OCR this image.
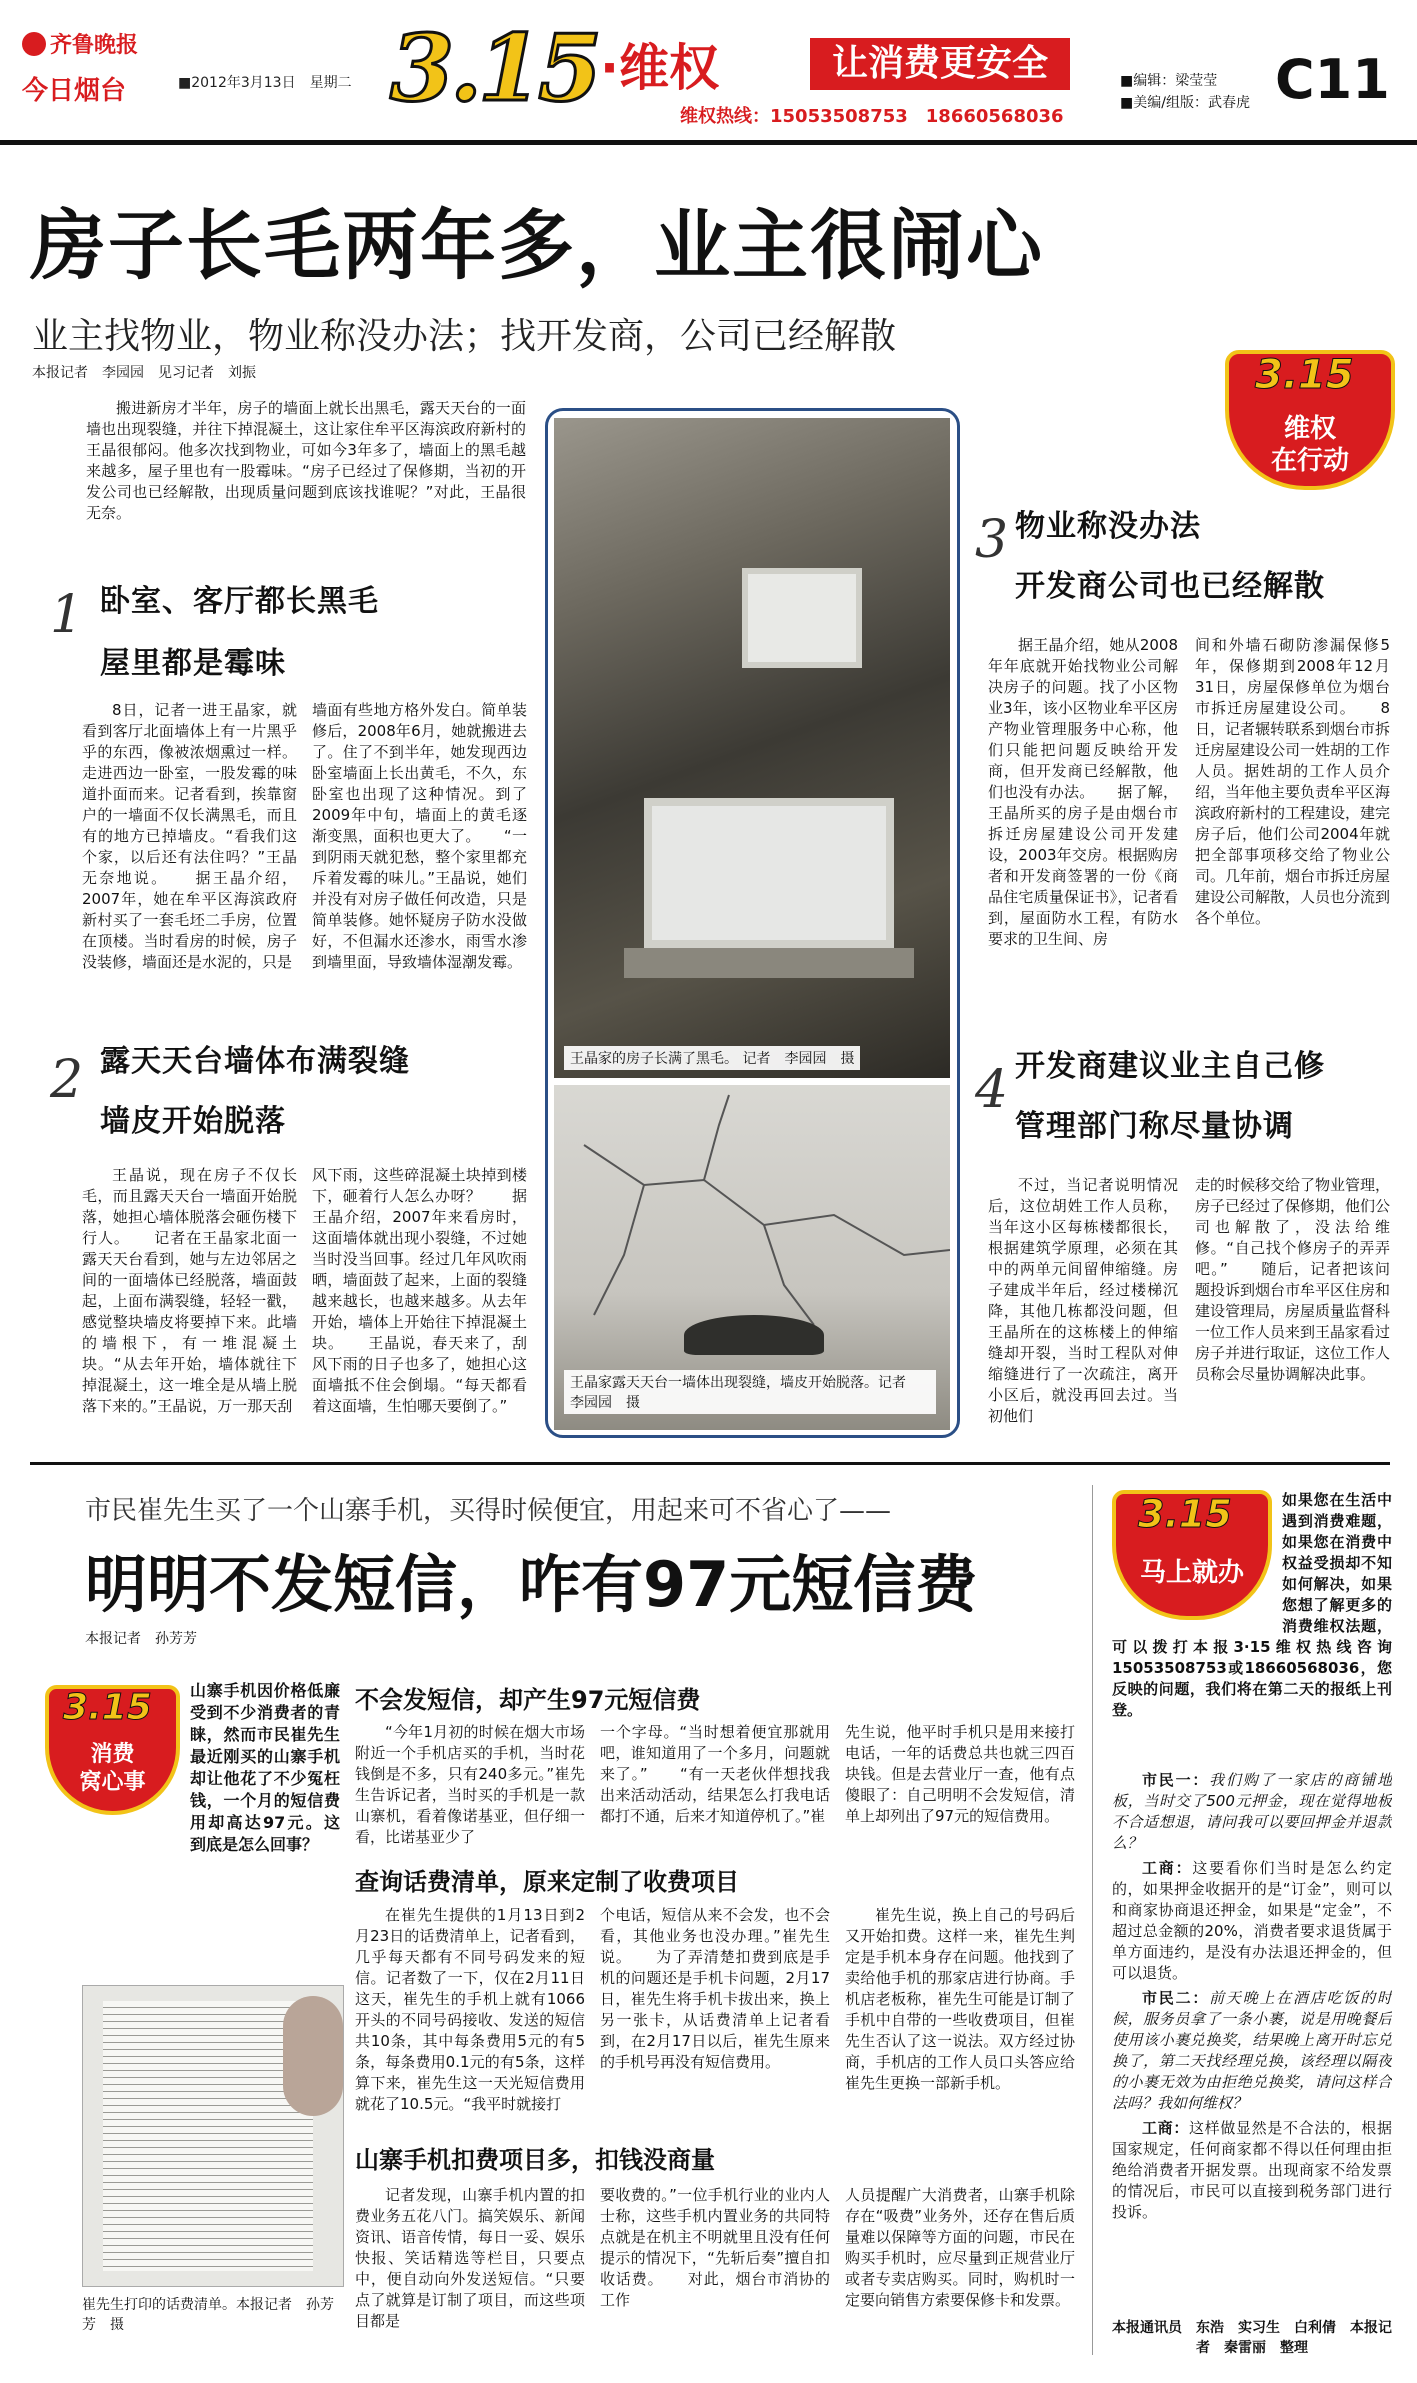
齐鲁晚报
今日烟台	■2012年3月13日　星期二 3.15 ·维权	让消费更安全
维权热线：15053508753　18660568036
■编辑：梁莹莹
■美编/组版：武春虎 C11
房子长毛两年多，业主很闹心
业主找物业，物业称没办法；找开发商，公司已经解散
本报记者　李园园　见习记者　刘振	3.15
维权
在行动

搬进新房才半年，房子的墙面上就长出黑毛，露天天台的一面墙也出现裂缝，并往下掉混凝土，这让家住牟平区海滨政府新村的王晶很郁闷。他多次找到物业，可如今3年多了，墙面上的黑毛越来越多，屋子里也有一股霉味。“房子已经过了保修期，当初的开发公司也已经解散，出现质量问题到底该找谁呢？”对此，王晶很无奈。

1 卧室、客厅都长黑毛
屋里都是霉味

8日，记者一进王晶家，就看到客厅北面墙体上有一片黑乎乎的东西，像被浓烟熏过一样。走进西边一卧室，一股发霉的味道扑面而来。记者看到，挨靠窗户的一墙面不仅长满黑毛，而且有的地方已掉墙皮。“看我们这个家，以后还有法住吗？”王晶无奈地说。　　据王晶介绍，2007年，她在牟平区海滨政府新村买了一套毛坯二手房，位置在顶楼。当时看房的时候，房子没装修，墙面还是水泥的，只是

墙面有些地方格外发白。简单装修后，2008年6月，她就搬进去了。住了不到半年，她发现西边卧室墙面上长出黄毛，不久，东卧室也出现了这种情况。到了2009年中旬，墙面上的黄毛逐渐变黑，面积也更大了。　　“一到阴雨天就犯愁，整个家里都充斥着发霉的味儿。”王晶说，她们并没有对房子做任何改造，只是简单装修。她怀疑房子防水没做好，不但漏水还渗水，雨雪水渗到墙里面，导致墙体湿潮发霉。

2 露天天台墙体布满裂缝
墙皮开始脱落

王晶说，现在房子不仅长毛，而且露天天台一墙面开始脱落，她担心墙体脱落会砸伤楼下行人。　　记者在王晶家北面一露天天台看到，她与左边邻居之间的一面墙体已经脱落，墙面鼓起，上面布满裂缝，轻轻一戳，感觉整块墙皮将要掉下来。此墙的墙根下，有一堆混凝土块。“从去年开始，墙体就往下掉混凝土，这一堆全是从墙上脱落下来的。”王晶说，万一那天刮

风下雨，这些碎混凝土块掉到楼下，砸着行人怎么办呀？　　据王晶介绍，2007年来看房时，这面墙体就出现小裂缝，不过她当时没当回事。经过几年风吹雨晒，墙面鼓了起来，上面的裂缝越来越长，也越来越多。从去年开始，墙体上开始往下掉混凝土块。　　王晶说，春天来了，刮风下雨的日子也多了，她担心这面墙抵不住会倒塌。“每天都看着这面墙，生怕哪天要倒了。”

王晶家的房子长满了黑毛。 记者　李园园　摄
王晶家露天天台一墙体出现裂缝，墙皮开始脱落。记者　李园园　摄
3 物业称没办法
开发商公司也已经解散

据王晶介绍，她从2008年年底就开始找物业公司解决房子的问题。找了小区物业3年，该小区物业牟平区房产物业管理服务中心称，他们只能把问题反映给开发商，但开发商已经解散，他们也没有办法。　　据了解，王晶所买的房子是由烟台市拆迁房屋建设公司开发建设，2003年交房。根据购房者和开发商签署的一份《商品住宅质量保证书》，记者看到，屋面防水工程，有防水要求的卫生间、房

间和外墙石砌防渗漏保修5年，保修期到2008年12月31日，房屋保修单位为烟台市拆迁房屋建设公司。　　8日，记者辗转联系到烟台市拆迁房屋建设公司一姓胡的工作人员。据姓胡的工作人员介绍，当年他主要负责牟平区海滨政府新村的工程建设，建完房子后，他们公司2004年就把全部事项移交给了物业公司。几年前，烟台市拆迁房屋建设公司解散，人员也分流到各个单位。

4 开发商建议业主自己修
管理部门称尽量协调

不过，当记者说明情况后，这位胡姓工作人员称，当年这小区每栋楼都很长，根据建筑学原理，必须在其中的两单元间留伸缩缝。房子建成半年后，经过楼梯沉降，其他几栋都没问题，但王晶所在的这栋楼上的伸缩缝却开裂，当时工程队对伸缩缝进行了一次疏注，离开小区后，就没再回去过。当初他们

走的时候移交给了物业管理，房子已经过了保修期，他们公司也解散了，没法给维修。“自己找个修房子的弄弄吧。”　　随后，记者把该问题投诉到烟台市牟平区住房和建设管理局，房屋质量监督科一位工作人员来到王晶家看过房子并进行取证，这位工作人员称会尽量协调解决此事。

市民崔先生买了一个山寨手机，买得时候便宜，用起来可不省心了——
明明不发短信，咋有97元短信费
本报记者　孙芳芳
3.15
消费
窝心事
山寨手机因价格低廉受到不少消费者的青睐，然而市民崔先生最近刚买的山寨手机却让他花了不少冤枉钱，一个月的短信费用却高达97元。这到底是怎么回事？
崔先生打印的话费清单。本报记者　孙芳芳　摄
不会发短信，却产生97元短信费

“今年1月初的时候在烟大市场附近一个手机店买的手机，当时花钱倒是不多，只有240多元。”崔先生告诉记者，当时买的手机是一款山寨机，看着像诺基亚，但仔细一看，比诺基亚少了

一个字母。“当时想着便宜那就用吧，谁知道用了一个多月，问题就来了。”　　“有一天老伙伴想找我出来活动活动，结果怎么打我电话都打不通，后来才知道停机了。”崔

先生说，他平时手机只是用来接打电话，一年的话费总共也就三四百块钱。但是去营业厅一查，他有点傻眼了：自己明明不会发短信，清单上却列出了97元的短信费用。

查询话费清单，原来定制了收费项目

在崔先生提供的1月13日到2月23日的话费清单上，记者看到，几乎每天都有不同号码发来的短信。记者数了一下，仅在2月11日这天，崔先生的手机上就有1066开头的不同号码接收、发送的短信共10条，其中每条费用5元的有5条，每条费用0.1元的有5条，这样算下来，崔先生这一天光短信费用就花了10.5元。“我平时就接打

个电话，短信从来不会发，也不会看，其他业务也没办理。”崔先生说。　　为了弄清楚扣费到底是手机的问题还是手机卡问题，2月17日，崔先生将手机卡拔出来，换上另一张卡，从话费清单上记者看到，在2月17日以后，崔先生原来的手机号再没有短信费用。

崔先生说，换上自己的号码后又开始扣费。这样一来，崔先生判定是手机本身存在问题。他找到了卖给他手机的那家店进行协商。手机店老板称，崔先生可能是订制了手机中自带的一些收费项目，但崔先生否认了这一说法。双方经过协商，手机店的工作人员口头答应给崔先生更换一部新手机。

山寨手机扣费项目多，扣钱没商量

记者发现，山寨手机内置的扣费业务五花八门。搞笑娱乐、新闻资讯、语音传情，每日一妥、娱乐快报、笑话精选等栏目，只要点中，便自动向外发送短信。“只要点了就算是订制了项目，而这些项目都是

要收费的。”一位手机行业的业内人士称，这些手机内置业务的共同特点就是在机主不明就里且没有任何提示的情况下，“先斩后奏”擅自扣收话费。　　对此，烟台市消协的工作

人员提醒广大消费者，山寨手机除存在“吸费”业务外，还存在售后质量难以保障等方面的问题，市民在购买手机时，应尽量到正规营业厅或者专卖店购买。同时，购机时一定要向销售方索要保修卡和发票。

3.15
马上就办
如果您在生活中遇到消费难题，如果您在消费中权益受损却不知如何解决，如果您想了解更多的消费维权法题，可以拨打本报3·15维权热线咨询15053508753或18660568036，您反映的问题，我们将在第二天的报纸上刊登。

市民一：我们购了一家店的商铺地板，当时交了500元押金，现在觉得地板不合适想退，请问我可以要回押金并退款么？

工商：这要看你们当时是怎么约定的，如果押金收据开的是“订金”，则可以和商家协商退还押金，如果是“定金”，不超过总金额的20%，消费者要求退货属于单方面违约，是没有办法退还押金的，但可以退货。

市民二：前天晚上在酒店吃饭的时候，服务员拿了一条小裹，说是用晚餐后使用该小裹兑换奖，结果晚上离开时忘兑换了，第二天找经理兑换，该经理以隔夜的小裹无效为由拒绝兑换奖，请问这样合法吗？我如何维权？

工商：这样做显然是不合法的，根据国家规定，任何商家都不得以任何理由拒绝给消费者开据发票。出现商家不给发票的情况后，市民可以直接到税务部门进行投诉。

本报通讯员　东浩　实习生　白利倩　本报记者　秦雷丽　整理
